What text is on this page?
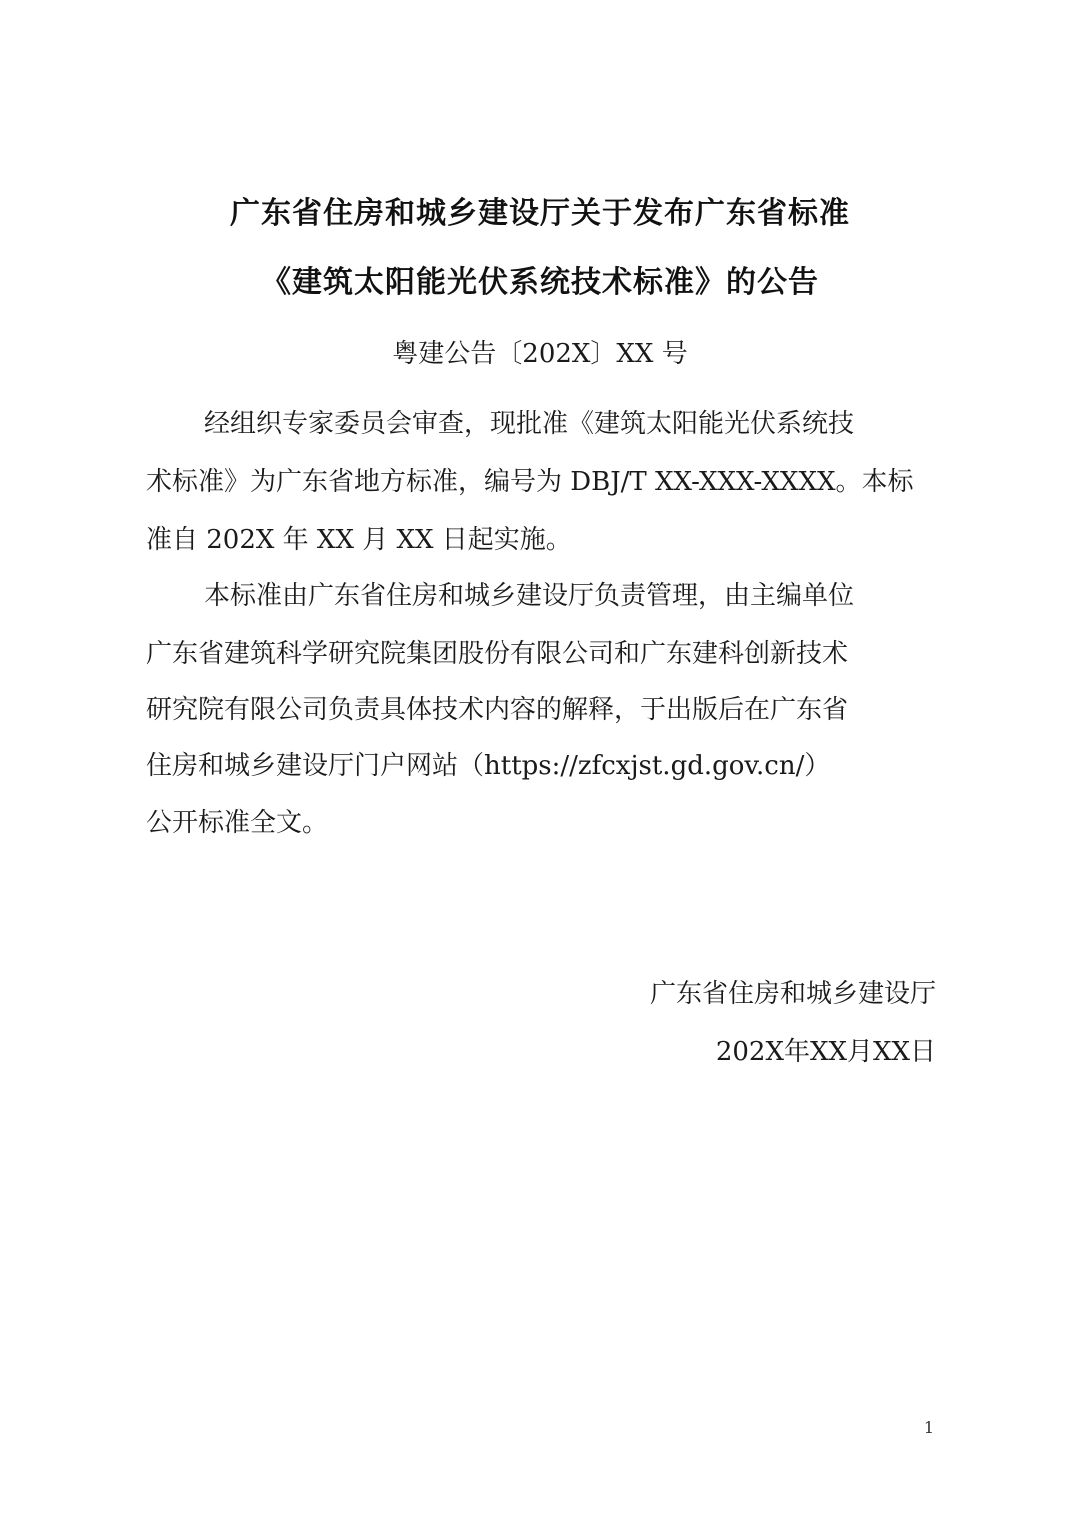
广东省住房和城乡建设厅关于发布广东省标准
《建筑太阳能光伏系统技术标准》的公告
粤建公告〔202X〕XX 号
经组织专家委员会审查，现批准《建筑太阳能光伏系统技
术标准》为广东省地方标准，编号为 DBJ/T XX-XXX-XXXX。本标
准自 202X 年 XX 月 XX 日起实施。
本标准由广东省住房和城乡建设厅负责管理，由主编单位
广东省建筑科学研究院集团股份有限公司和广东建科创新技术
研究院有限公司负责具体技术内容的解释，于出版后在广东省
住房和城乡建设厅门户网站（https://zfcxjst.gd.gov.cn/）
公开标准全文。
广东省住房和城乡建设厅
202X年XX月XX日
1
